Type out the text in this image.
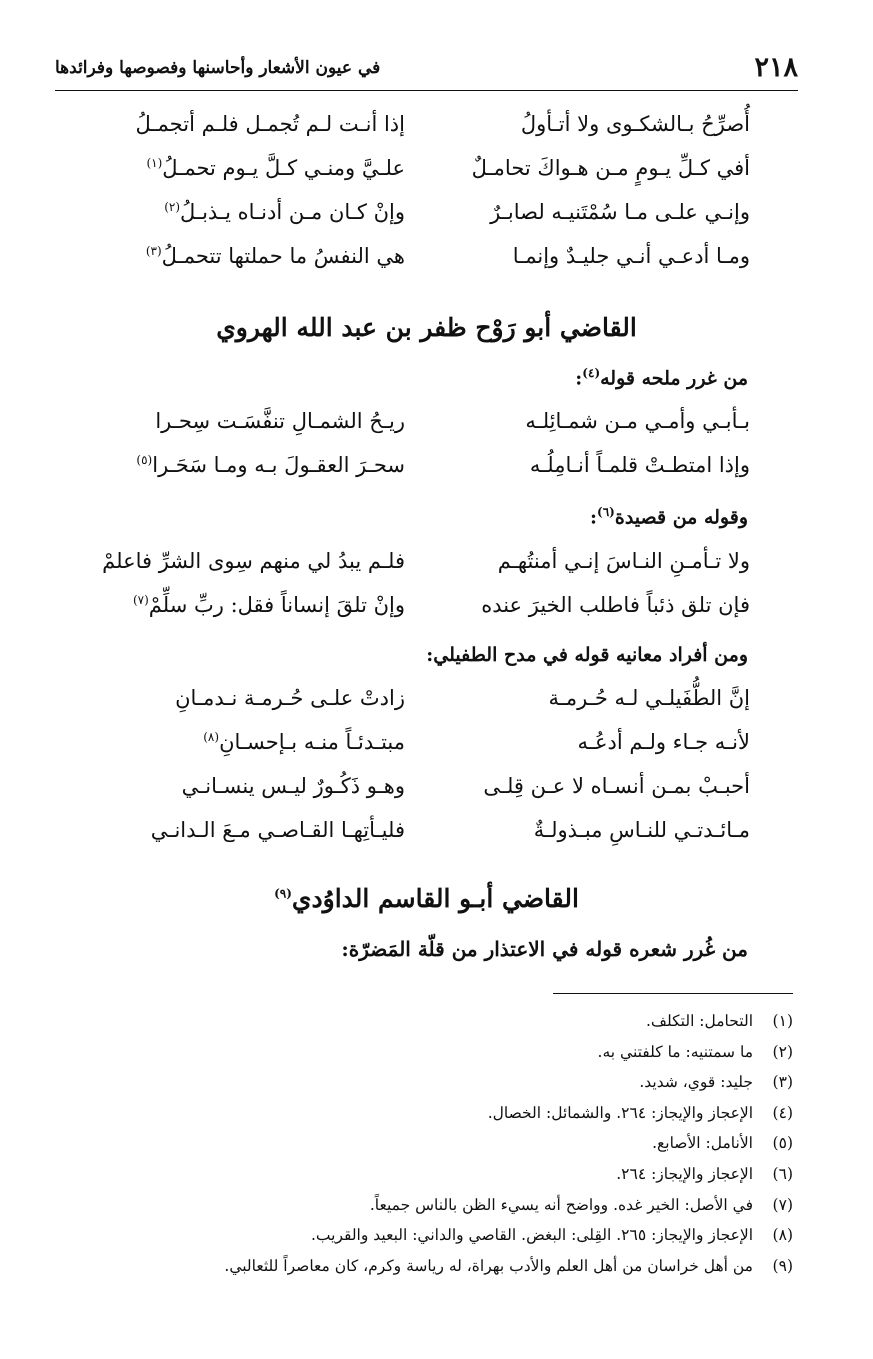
٢١٨
في عيون الأشعار وأحاسنها وفصوصها وفرائدها
أُصرِّحُ بـالشكـوى ولا أتـأولُ
إذا أنـت لـم تُجمـل فلـم أتجمـلُ
أفي كـلِّ يـومٍ مـن هـواكَ تحامـلٌ
علـيَّ ومنـي كـلَّ يـوم تحمـلُ$^{(١)}$
وإنـي علـى مـا سُمْتَنيـه لصابـرٌ
وإنْ كـان مـن أدنـاه يـذبـلُ$^{(٢)}$
ومـا أدعـي أنـي جليـدٌ وإنمـا
هي النفسُ ما حملتها تتحمـلُ$^{(٣)}$
القاضي أبو رَوْح ظفر بن عبد الله الهروي
من غرر ملحه قوله$^{(٤)}$:
بـأبـي وأمـي مـن شمـائِلـه
ريـحُ الشمـالِ تنفَّسَـت سِحـرا
وإذا امتطـتْ قلمـاً أنـامِلُـه
سحـرَ العقـولَ بـه ومـا سَحَـرا$^{(٥)}$
وقوله من قصيدة$^{(٦)}$:
ولا تـأمـنِ النـاسَ إنـي أمنتُهـم
فلـم يبدُ لي منهم سِوى الشرِّ فاعلمْ
فإن تلق ذئباً فاطلب الخيرَ عنده
وإنْ تلقَ إنساناً فقل: ربِّ سلِّمْ$^{(٧)}$
ومن أفراد معانيه قوله في مدح الطفيلي:
إنَّ الطُّفَيلـي لـه حُـرمـة
زادتْ علـى حُـرمـة نـدمـانِ
لأنـه جـاء ولـم أدعُـه
مبتـدئـاً منـه بـإحسـانِ$^{(٨)}$
أحبـبْ بمـن أنسـاه لا عـن قِلـى
وهـو ذَكُـورٌ ليـس ينسـانـي
مـائـدتـي للنـاسِ مبـذولـةٌ
فليـأتِهـا القـاصـي مـعَ الـدانـي
القاضي أبـو القاسم الداوُدي$^{(٩)}$
من غُرر شعره قوله في الاعتذار من قلّة المَضرّة:
(١)التحامل: التكلف.
(٢)ما سمتنيه: ما كلفتني به.
(٣)جليد: قوي، شديد.
(٤)الإعجاز والإيجاز: ٢٦٤. والشمائل: الخصال.
(٥)الأنامل: الأصابع.
(٦)الإعجاز والإيجاز: ٢٦٤.
(٧)في الأصل: الخير غده. وواضح أنه يسيء الظن بالناس جميعاً.
(٨)الإعجاز والإيجاز: ٢٦٥. القِلى: البغض. القاصي والداني: البعيد والقريب.
(٩)من أهل خراسان من أهل العلم والأدب بهراة، له رياسة وكرم، كان معاصراً للثعالبي.
